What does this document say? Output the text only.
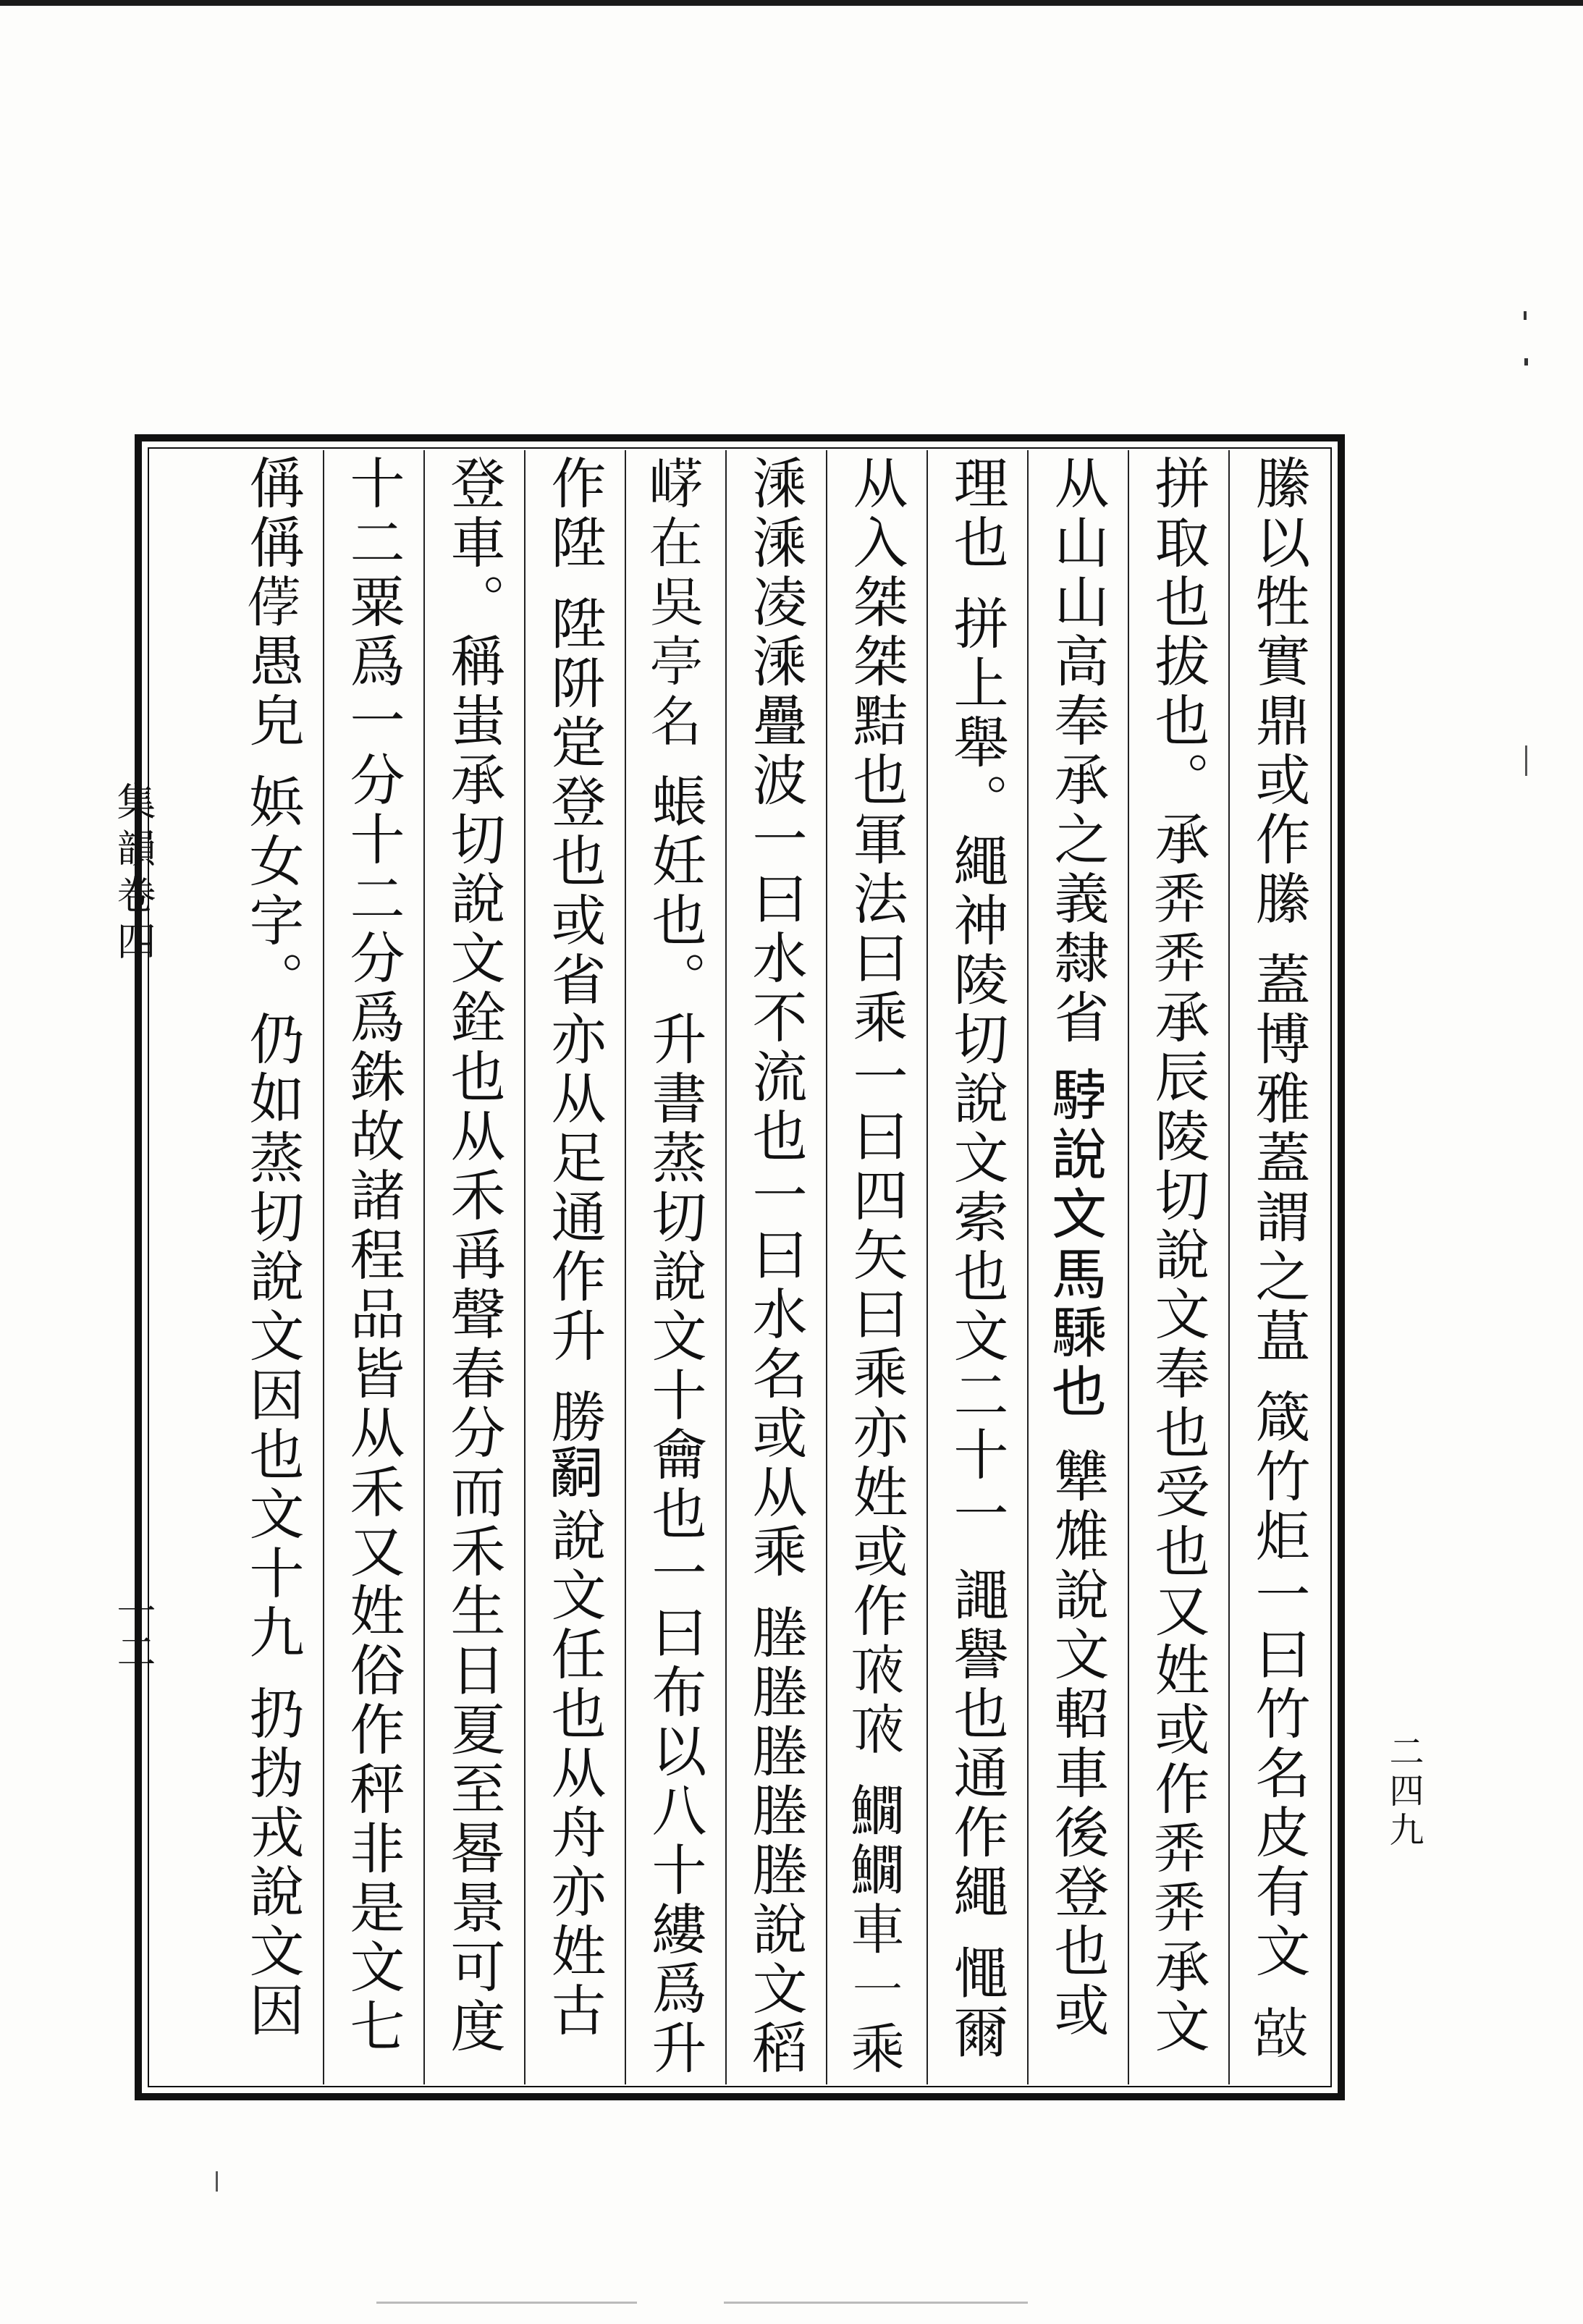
縢以牲實鼎或作縢 蓋博雅蓋謂之蒀 箴竹炬一曰竹名皮有文 𢾮
拼取也拔也。承𢍏𢍏承辰陵切說文奉也受也又姓或作𢍏𢍏承文
从山山高奉承之義隸省 𩣡說文馬騬也 犨䧵說文軺車後登也或
理也 拼上舉。繩神陵切說文索也文二十一 譝譽也通作繩 憴爾
从入桀桀黠也軍法曰乘一曰四矢曰乘亦姓或作𠅗𠅗 𩻘𩻘車一乘
溗溗凌溗疊波一曰水不流也一曰水名或从乘 塍塍塍塍塍說文稻
𡹰在吳亭名 䗅妊也。升書蒸切說文十龠也一曰布以八十縷爲升
作陞 陞阩䟫登也或省亦从足通作升 勝𤔲說文任也从舟亦姓古
登車。稱蚩承切說文銓也从禾爯聲春分而禾生日夏至晷景可度
十二粟爲一分十二分爲銖故諸程品皆从禾又姓俗作秤非是文七
偁偁𠍤愚皃 娦女字。仍如蒸切說文因也文十九 扔㧑戎說文因
二四九
集韻卷四
十二
